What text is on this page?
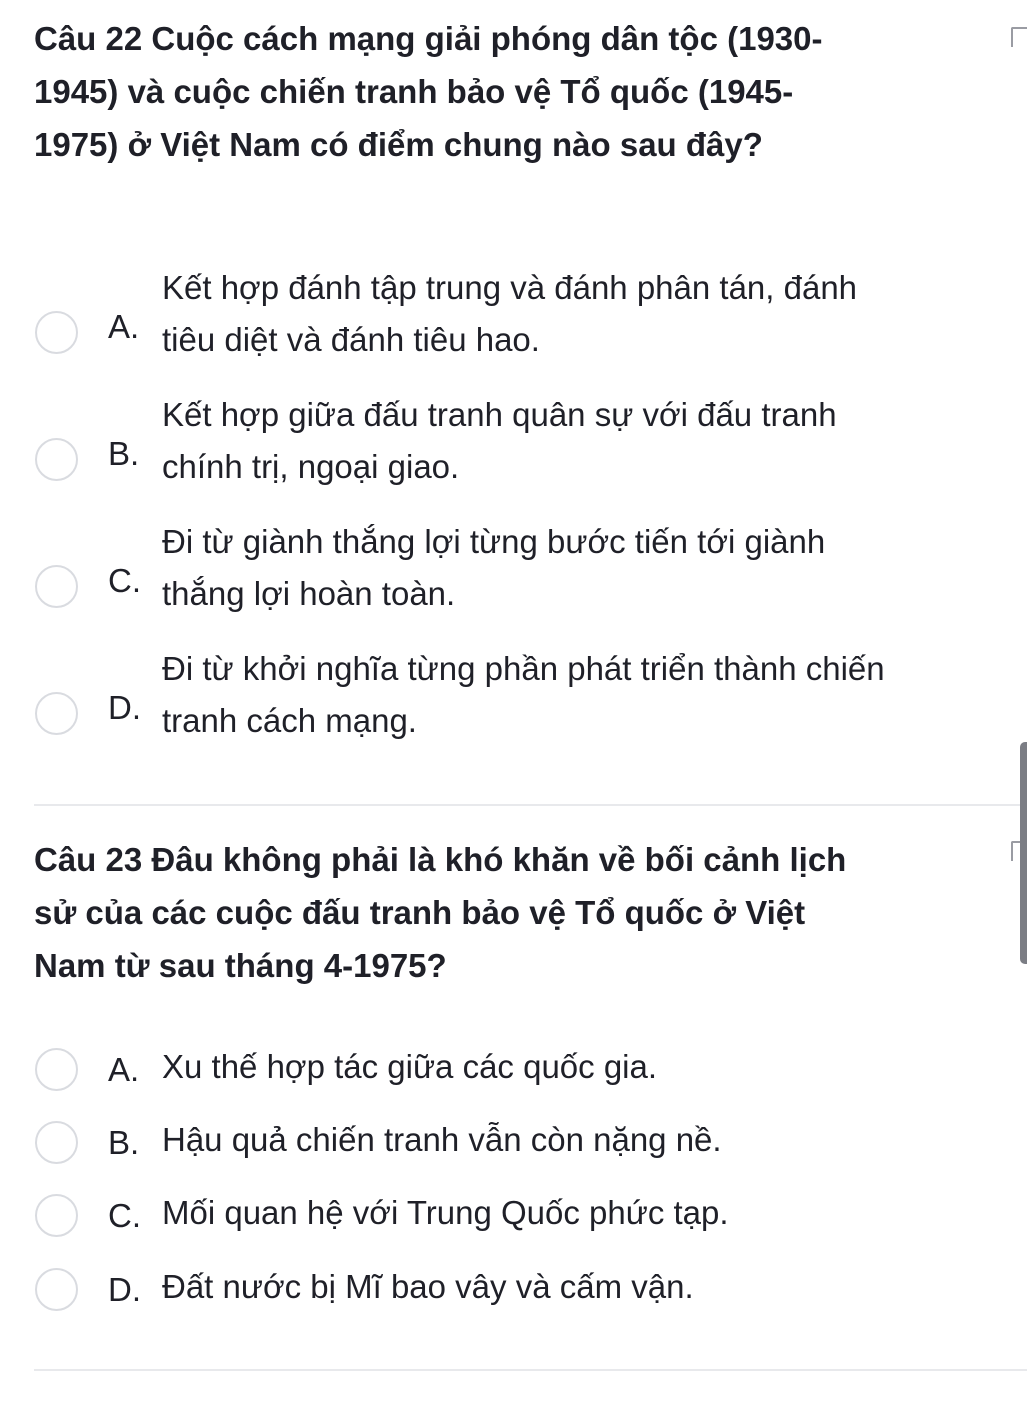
Câu 22 Cuộc cách mạng giải phóng dân tộc (1930-1945) và cuộc chiến tranh bảo vệ Tổ quốc (1945-1975) ở Việt Nam có điểm chung nào sau đây?

A.
Kết hợp đánh tập trung và đánh phân tán, đánh
tiêu diệt và đánh tiêu hao.
B.
Kết hợp giữa đấu tranh quân sự với đấu tranh
chính trị, ngoại giao.
C.
Đi từ giành thắng lợi từng bước tiến tới giành
thắng lợi hoàn toàn.
D.
Đi từ khởi nghĩa từng phần phát triển thành chiến
tranh cách mạng.

Câu 23 Đâu không phải là khó khăn về bối cảnh lịch sử của các cuộc đấu tranh bảo vệ Tổ quốc ở Việt Nam từ sau tháng 4-1975?

A. Xu thế hợp tác giữa các quốc gia.
B. Hậu quả chiến tranh vẫn còn nặng nề.
C. Mối quan hệ với Trung Quốc phức tạp.
D. Đất nước bị Mĩ bao vây và cấm vận.
